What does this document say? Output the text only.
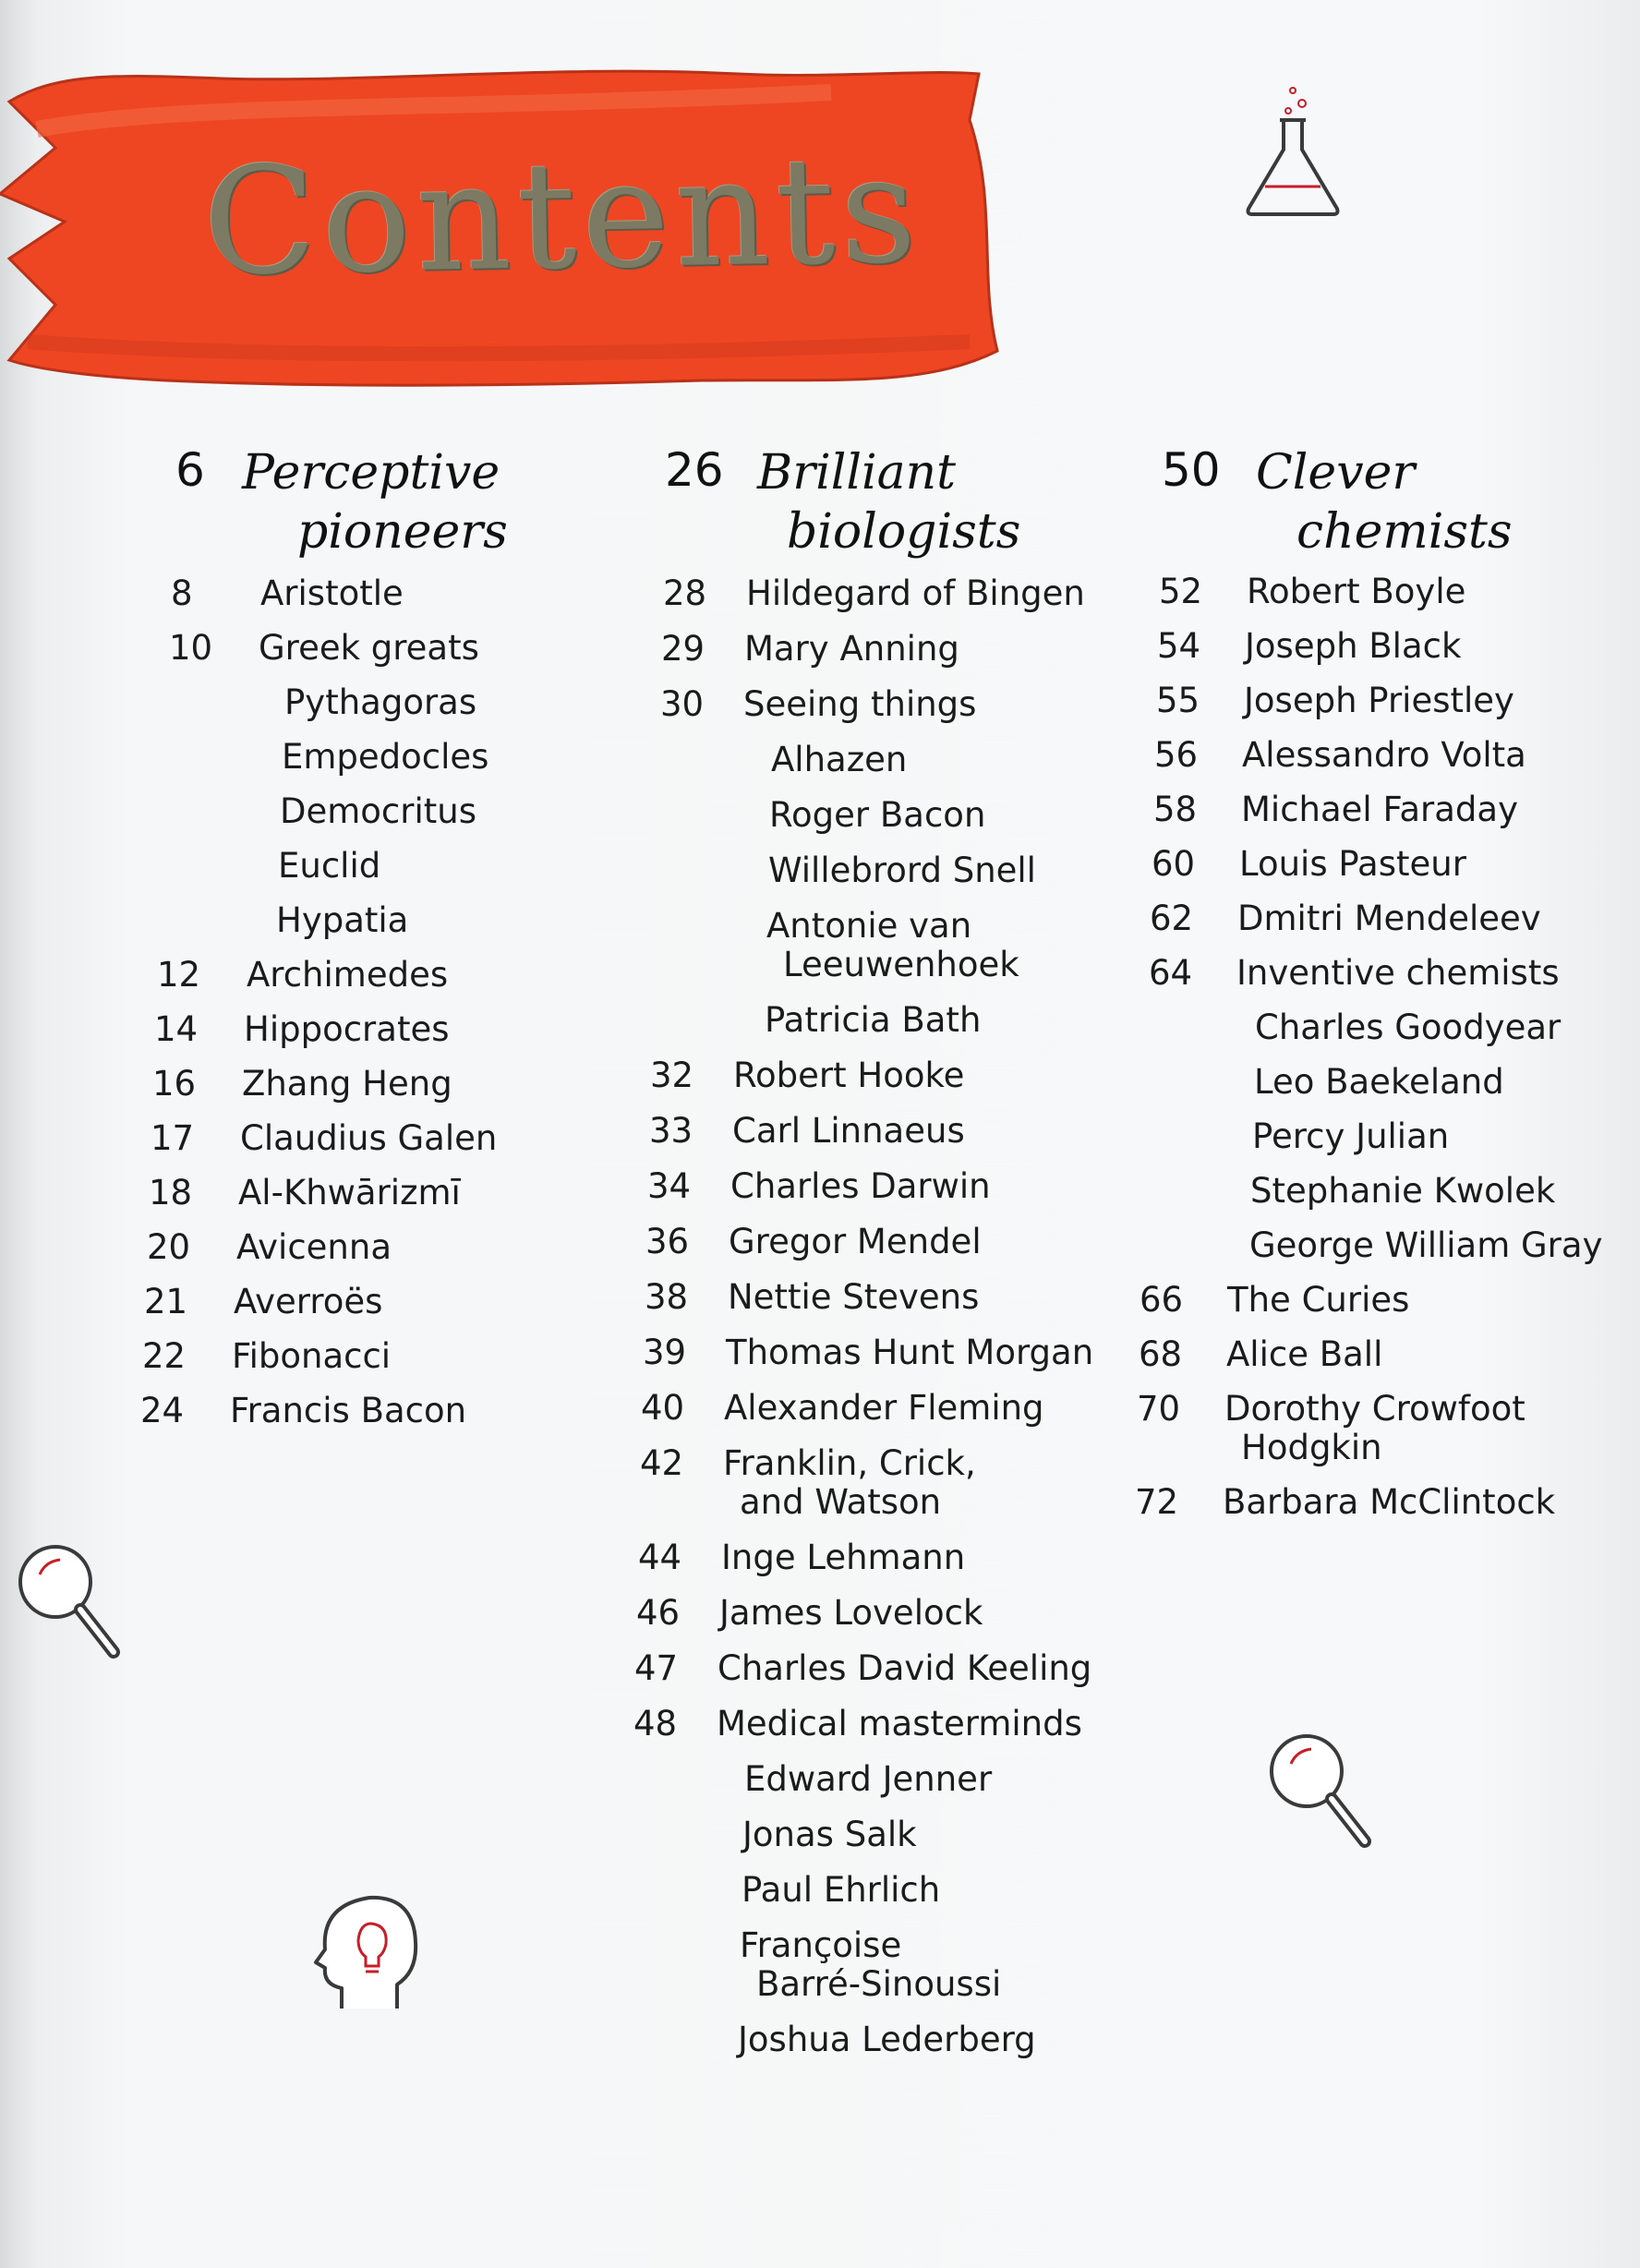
Contents
6 Perceptive
pioneers
26 Brilliant
biologists
50 Clever
chemists
8 Aristotle
10 Greek greats
Pythagoras
Empedocles
Democritus
Euclid
Hypatia
12 Archimedes
14 Hippocrates
16 Zhang Heng
17 Claudius Galen
18 Al-Khwārizmī
20 Avicenna
21 Averroës
22 Fibonacci
24 Francis Bacon
28 Hildegard of Bingen
29 Mary Anning
30 Seeing things
Alhazen
Roger Bacon
Willebrord Snell
Antonie van
Leeuwenhoek
Patricia Bath
32 Robert Hooke
33 Carl Linnaeus
34 Charles Darwin
36 Gregor Mendel
38 Nettie Stevens
39 Thomas Hunt Morgan
40 Alexander Fleming
42 Franklin, Crick,
and Watson
44 Inge Lehmann
46 James Lovelock
47 Charles David Keeling
48 Medical masterminds
Edward Jenner
Jonas Salk
Paul Ehrlich
Françoise
Barré-Sinoussi
Joshua Lederberg
52 Robert Boyle
54 Joseph Black
55 Joseph Priestley
56 Alessandro Volta
58 Michael Faraday
60 Louis Pasteur
62 Dmitri Mendeleev
64 Inventive chemists
Charles Goodyear
Leo Baekeland
Percy Julian
Stephanie Kwolek
George William Gray
66 The Curies
68 Alice Ball
70 Dorothy Crowfoot
Hodgkin
72 Barbara McClintock
